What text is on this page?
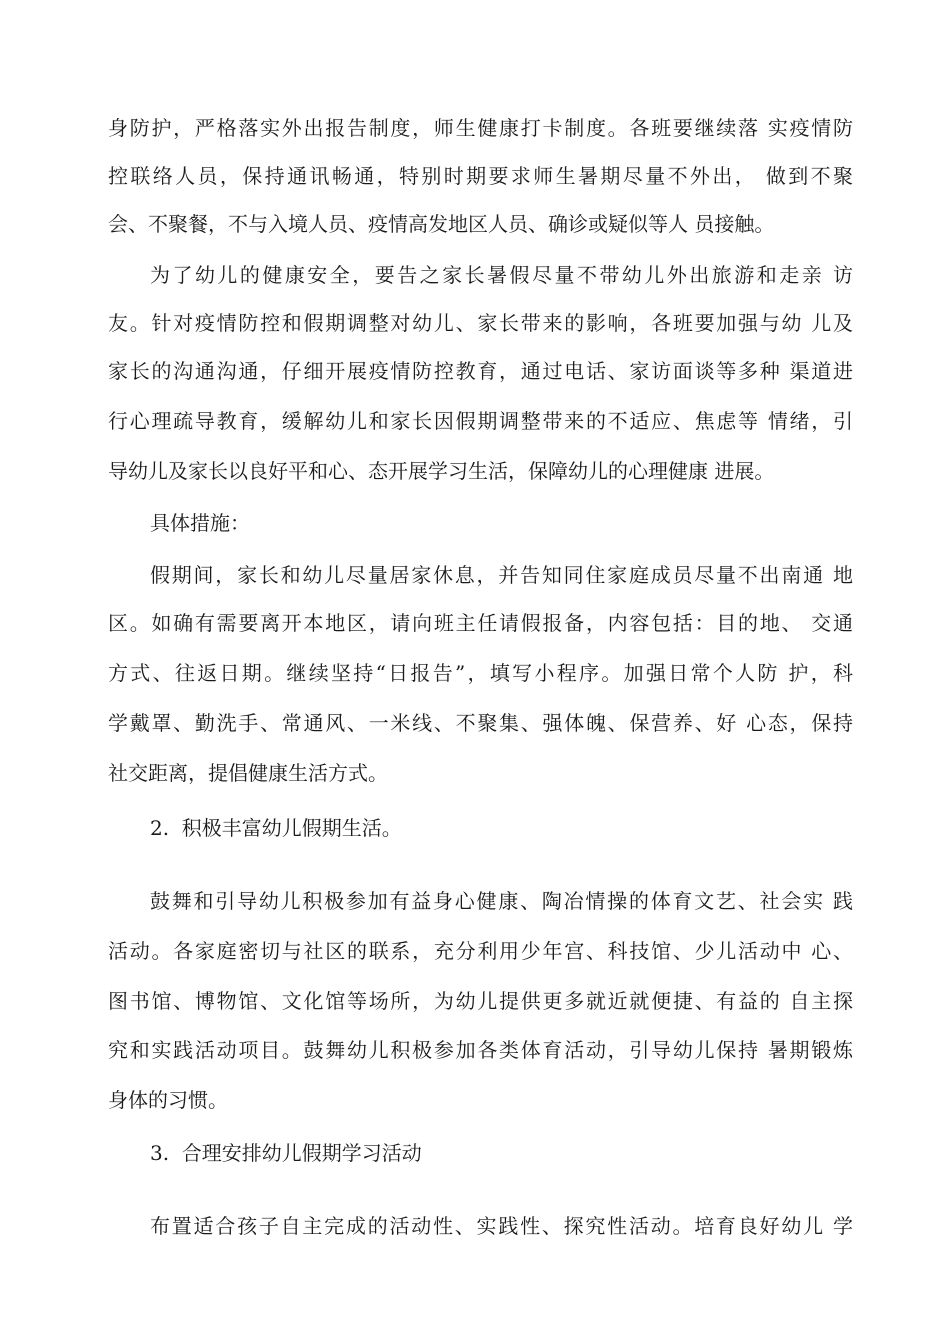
身防护，严格落实外出报告制度，师生健康打卡制度。各班要继续落 实疫情防

控联络人员，保持通讯畅通，特别时期要求师生暑期尽量不外出， 做到不聚

会、不聚餐，不与入境人员、疫情高发地区人员、确诊或疑似等人 员接触。

为了幼儿的健康安全，要告之家长暑假尽量不带幼儿外出旅游和走亲 访

友。针对疫情防控和假期调整对幼儿、家长带来的影响，各班要加强与幼 儿及

家长的沟通沟通，仔细开展疫情防控教育，通过电话、家访面谈等多种 渠道进

行心理疏导教育，缓解幼儿和家长因假期调整带来的不适应、焦虑等 情绪，引

导幼儿及家长以良好平和心、态开展学习生活，保障幼儿的心理健康 进展。

具体措施：

假期间，家长和幼儿尽量居家休息，并告知同住家庭成员尽量不出南通 地

区。如确有需要离开本地区，请向班主任请假报备，内容包括：目的地、 交通

方式、往返日期。继续坚持“日报告”，填写小程序。加强日常个人防 护，科

学戴罩、勤洗手、常通风、一米线、不聚集、强体魄、保营养、好 心态，保持

社交距离，提倡健康生活方式。

2.  积极丰富幼儿假期生活。

鼓舞和引导幼儿积极参加有益身心健康、陶冶情操的体育文艺、社会实 践

活动。各家庭密切与社区的联系，充分利用少年宫、科技馆、少儿活动中 心、

图书馆、博物馆、文化馆等场所，为幼儿提供更多就近就便捷、有益的 自主探

究和实践活动项目。鼓舞幼儿积极参加各类体育活动，引导幼儿保持 暑期锻炼

身体的习惯。

3.  合理安排幼儿假期学习活动

布置适合孩子自主完成的活动性、实践性、探究性活动。培育良好幼儿 学
